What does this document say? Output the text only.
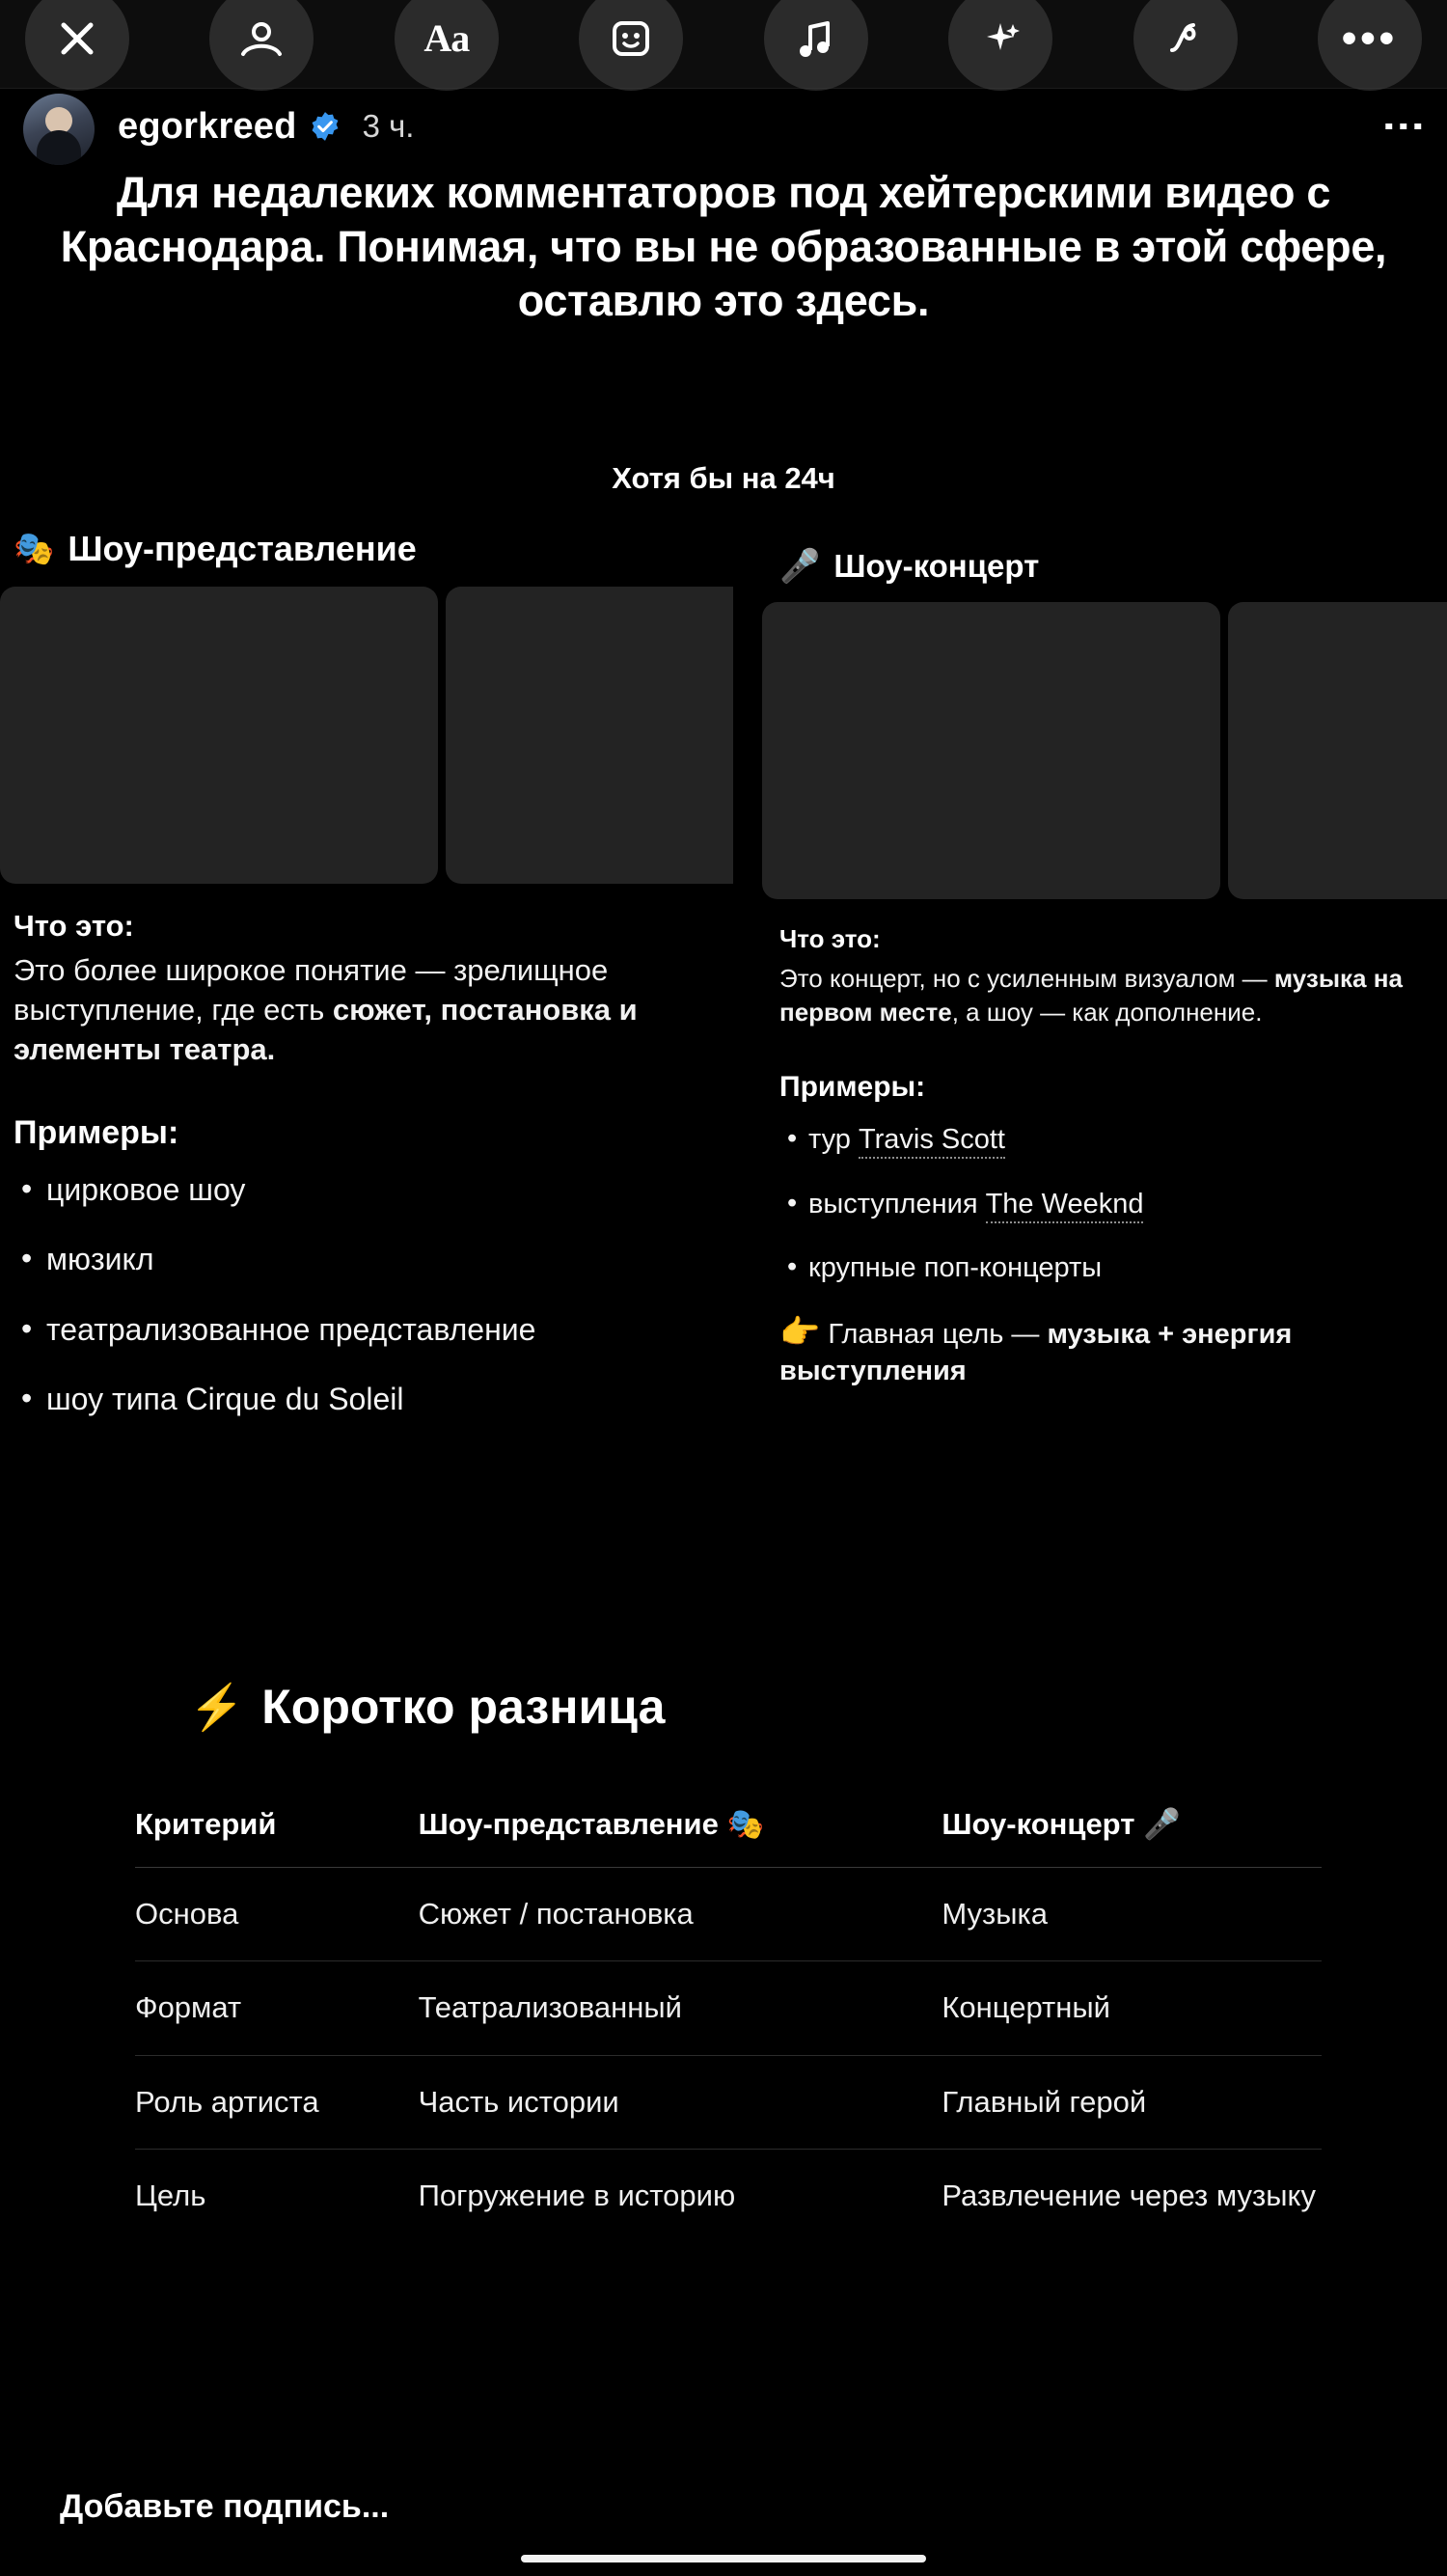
Aa	•••
egorkreed 3 ч.	⋮
Для недалеких комментаторов под хейтерскими видео с Краснодара. Понимая, что вы не образованные в этой сфере, оставлю это здесь.
Хотя бы на 24ч
🎭 Шоу-представление
Что это:
Это более широкое понятие — зрелищное выступление, где есть сюжет, постановка и элементы театра.
Примеры:
• цирковое шоу
• мюзикл
• театрализованное представление
• шоу типа Cirque du Soleil
🎤 Шоу-концерт
Что это:
Это концерт, но с усиленным визуалом — музыка на первом месте, а шоу — как дополнение.
Примеры:
• тур Travis Scott
• выступления The Weeknd
• крупные поп-концерты
👉 Главная цель — музыка + энергия выступления
⚡ Коротко разница
Критерий	Шоу-представление 🎭	Шоу-концерт 🎤
Основа	Сюжет / постановка	Музыка
Формат	Театрализованный	Концертный
Роль артиста	Часть истории	Главный герой
Цель	Погружение в историю	Развлечение через музыку
Добавьте подпись...
